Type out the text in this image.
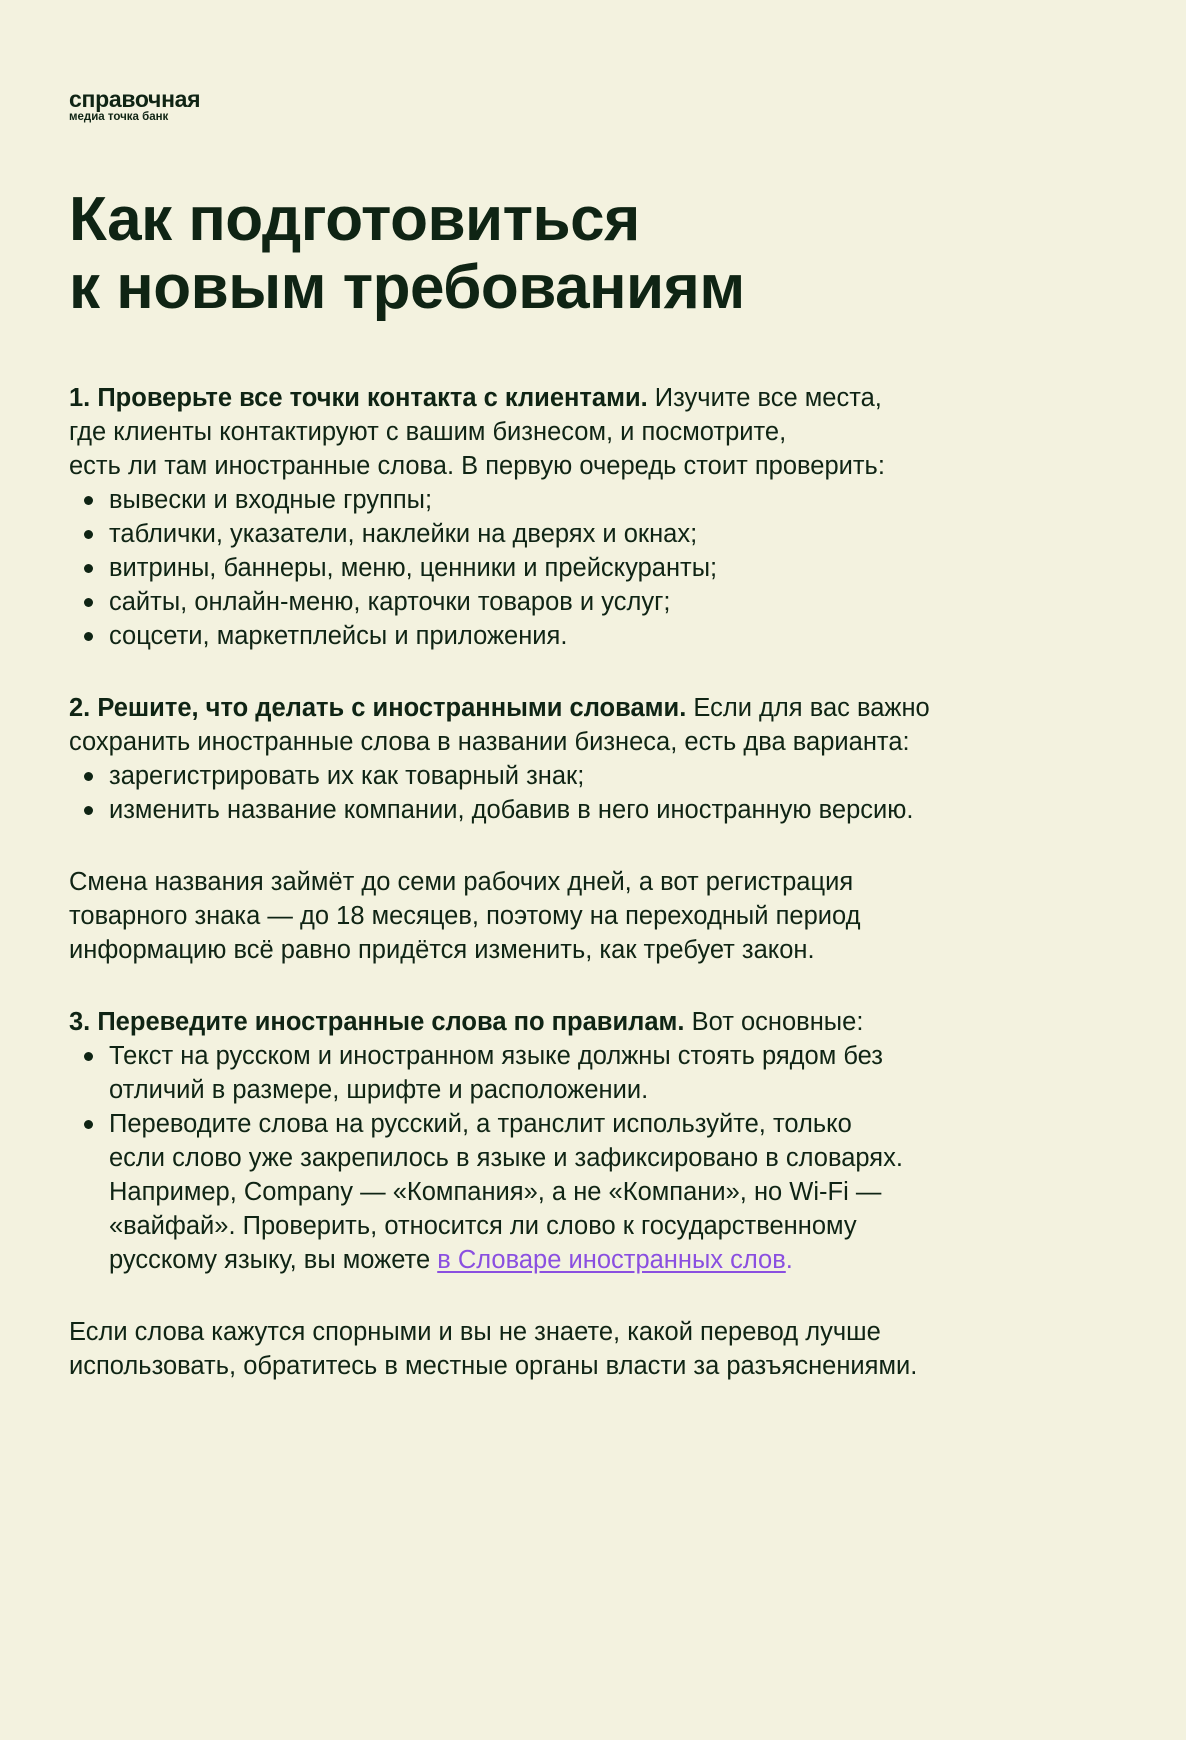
справочная
медиа точка банк
Как подготовиться
к новым требованиям

1. Проверьте все точки контакта с клиентами. Изучите все места,
где клиенты контактируют с вашим бизнесом, и посмотрите,
есть ли там иностранные слова. В первую очередь стоит проверить:

вывески и входные группы;
таблички, указатели, наклейки на дверях и окнах;
витрины, баннеры, меню, ценники и прейскуранты;
сайты, онлайн-меню, карточки товаров и услуг;
соцсети, маркетплейсы и приложения.

2. Решите, что делать с иностранными словами. Если для вас важно
сохранить иностранные слова в названии бизнеса, есть два варианта:

зарегистрировать их как товарный знак;
изменить название компании, добавив в него иностранную версию.

Смена названия займёт до семи рабочих дней, а вот регистрация
товарного знака — до 18 месяцев, поэтому на переходный период
информацию всё равно придётся изменить, как требует закон.

3. Переведите иностранные слова по правилам. Вот основные:

Текст на русском и иностранном языке должны стоять рядом без
отличий в размере, шрифте и расположении.
Переводите слова на русский, а транслит используйте, только
если слово уже закрепилось в языке и зафиксировано в словарях.
Например, Company — «Компания», а не «Компани», но Wi-Fi —
«вайфай». Проверить, относится ли слово к государственному
русскому языку, вы можете в Словаре иностранных слов.

Если слова кажутся спорными и вы не знаете, какой перевод лучше
использовать, обратитесь в местные органы власти за разъяснениями.
